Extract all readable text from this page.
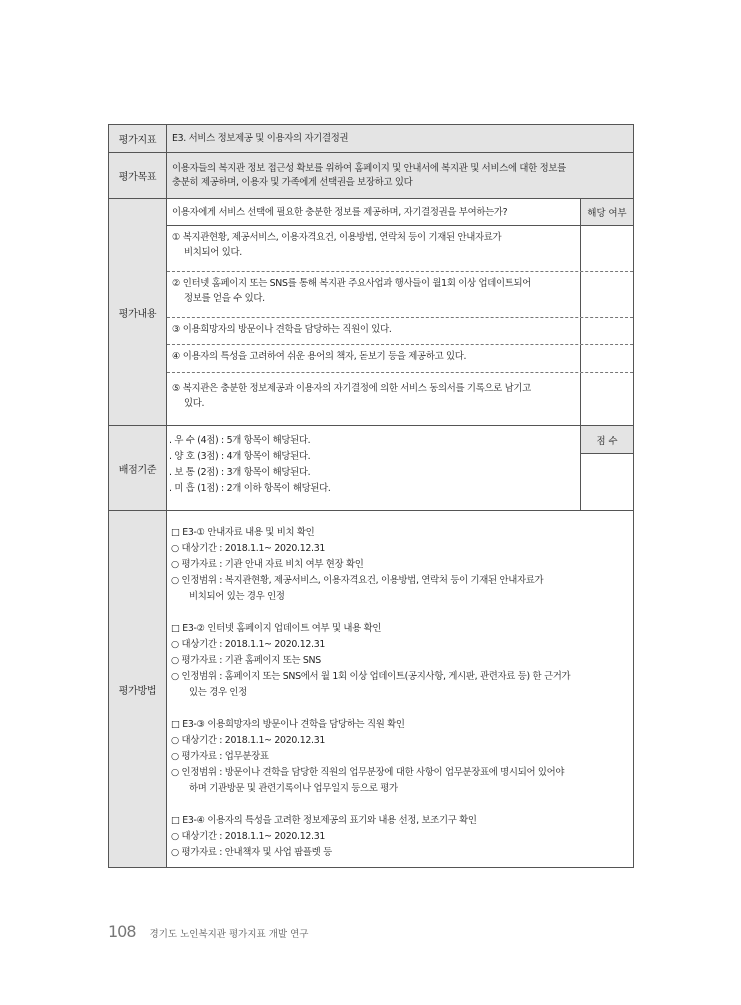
평가지표	E3. 서비스 정보제공 및 이용자의 자기결정권
평가목표
이용자들의 복지관 정보 접근성 확보를 위하여 홈페이지 및 안내서에 복지관 및 서비스에 대한 정보를
충분히 제공하며, 이용자 및 가족에게 선택권을 보장하고 있다
평가내용
이용자에게 서비스 선택에 필요한 충분한 정보를 제공하며, 자기결정권을 부여하는가?	해당 여부
① 복지관현황, 제공서비스, 이용자격요건, 이용방법, 연락처 등이 기재된 안내자료가
비치되어 있다.
② 인터넷 홈페이지 또는 SNS를 통해 복지관 주요사업과 행사들이 월1회 이상 업데이트되어
정보를 얻을 수 있다.
③ 이용희망자의 방문이나 견학을 담당하는 직원이 있다.
④ 이용자의 특성을 고려하여 쉬운 용어의 책자, 돋보기 등을 제공하고 있다.
⑤ 복지관은 충분한 정보제공과 이용자의 자기결정에 의한 서비스 동의서를 기록으로 남기고
있다.
배점기준
. 우 수 (4점) : 5개 항목이 해당된다.
. 양 호 (3점) : 4개 항목이 해당된다.
. 보 통 (2점) : 3개 항목이 해당된다.
. 미 흡 (1점) : 2개 이하 항목이 해당된다.
점 수
평가방법
□ E3-① 안내자료 내용 및 비치 확인
○ 대상기간 : 2018.1.1~ 2020.12.31
○ 평가자료 : 기관 안내 자료 비치 여부 현장 확인
○ 인정범위 : 복지관현황, 제공서비스, 이용자격요건, 이용방법, 연락처 등이 기재된 안내자료가
비치되어 있는 경우 인정
□ E3-② 인터넷 홈페이지 업데이트 여부 및 내용 확인
○ 대상기간 : 2018.1.1~ 2020.12.31
○ 평가자료 : 기관 홈페이지 또는 SNS
○ 인정범위 : 홈페이지 또는 SNS에서 월 1회 이상 업데이트(공지사항, 게시판, 관련자료 등) 한 근거가
있는 경우 인정
□ E3-③ 이용희망자의 방문이나 견학을 담당하는 직원 확인
○ 대상기간 : 2018.1.1~ 2020.12.31
○ 평가자료 : 업무분장표
○ 인정범위 : 방문이나 견학을 담당한 직원의 업무분장에 대한 사항이 업무분장표에 명시되어 있어야
하며 기관방문 및 관련기록이나 업무일지 등으로 평가
□ E3-④ 이용자의 특성을 고려한 정보제공의 표기와 내용 선정, 보조기구 확인
○ 대상기간 : 2018.1.1~ 2020.12.31
○ 평가자료 : 안내책자 및 사업 팜플렛 등
108 경기도 노인복지관 평가지표 개발 연구
